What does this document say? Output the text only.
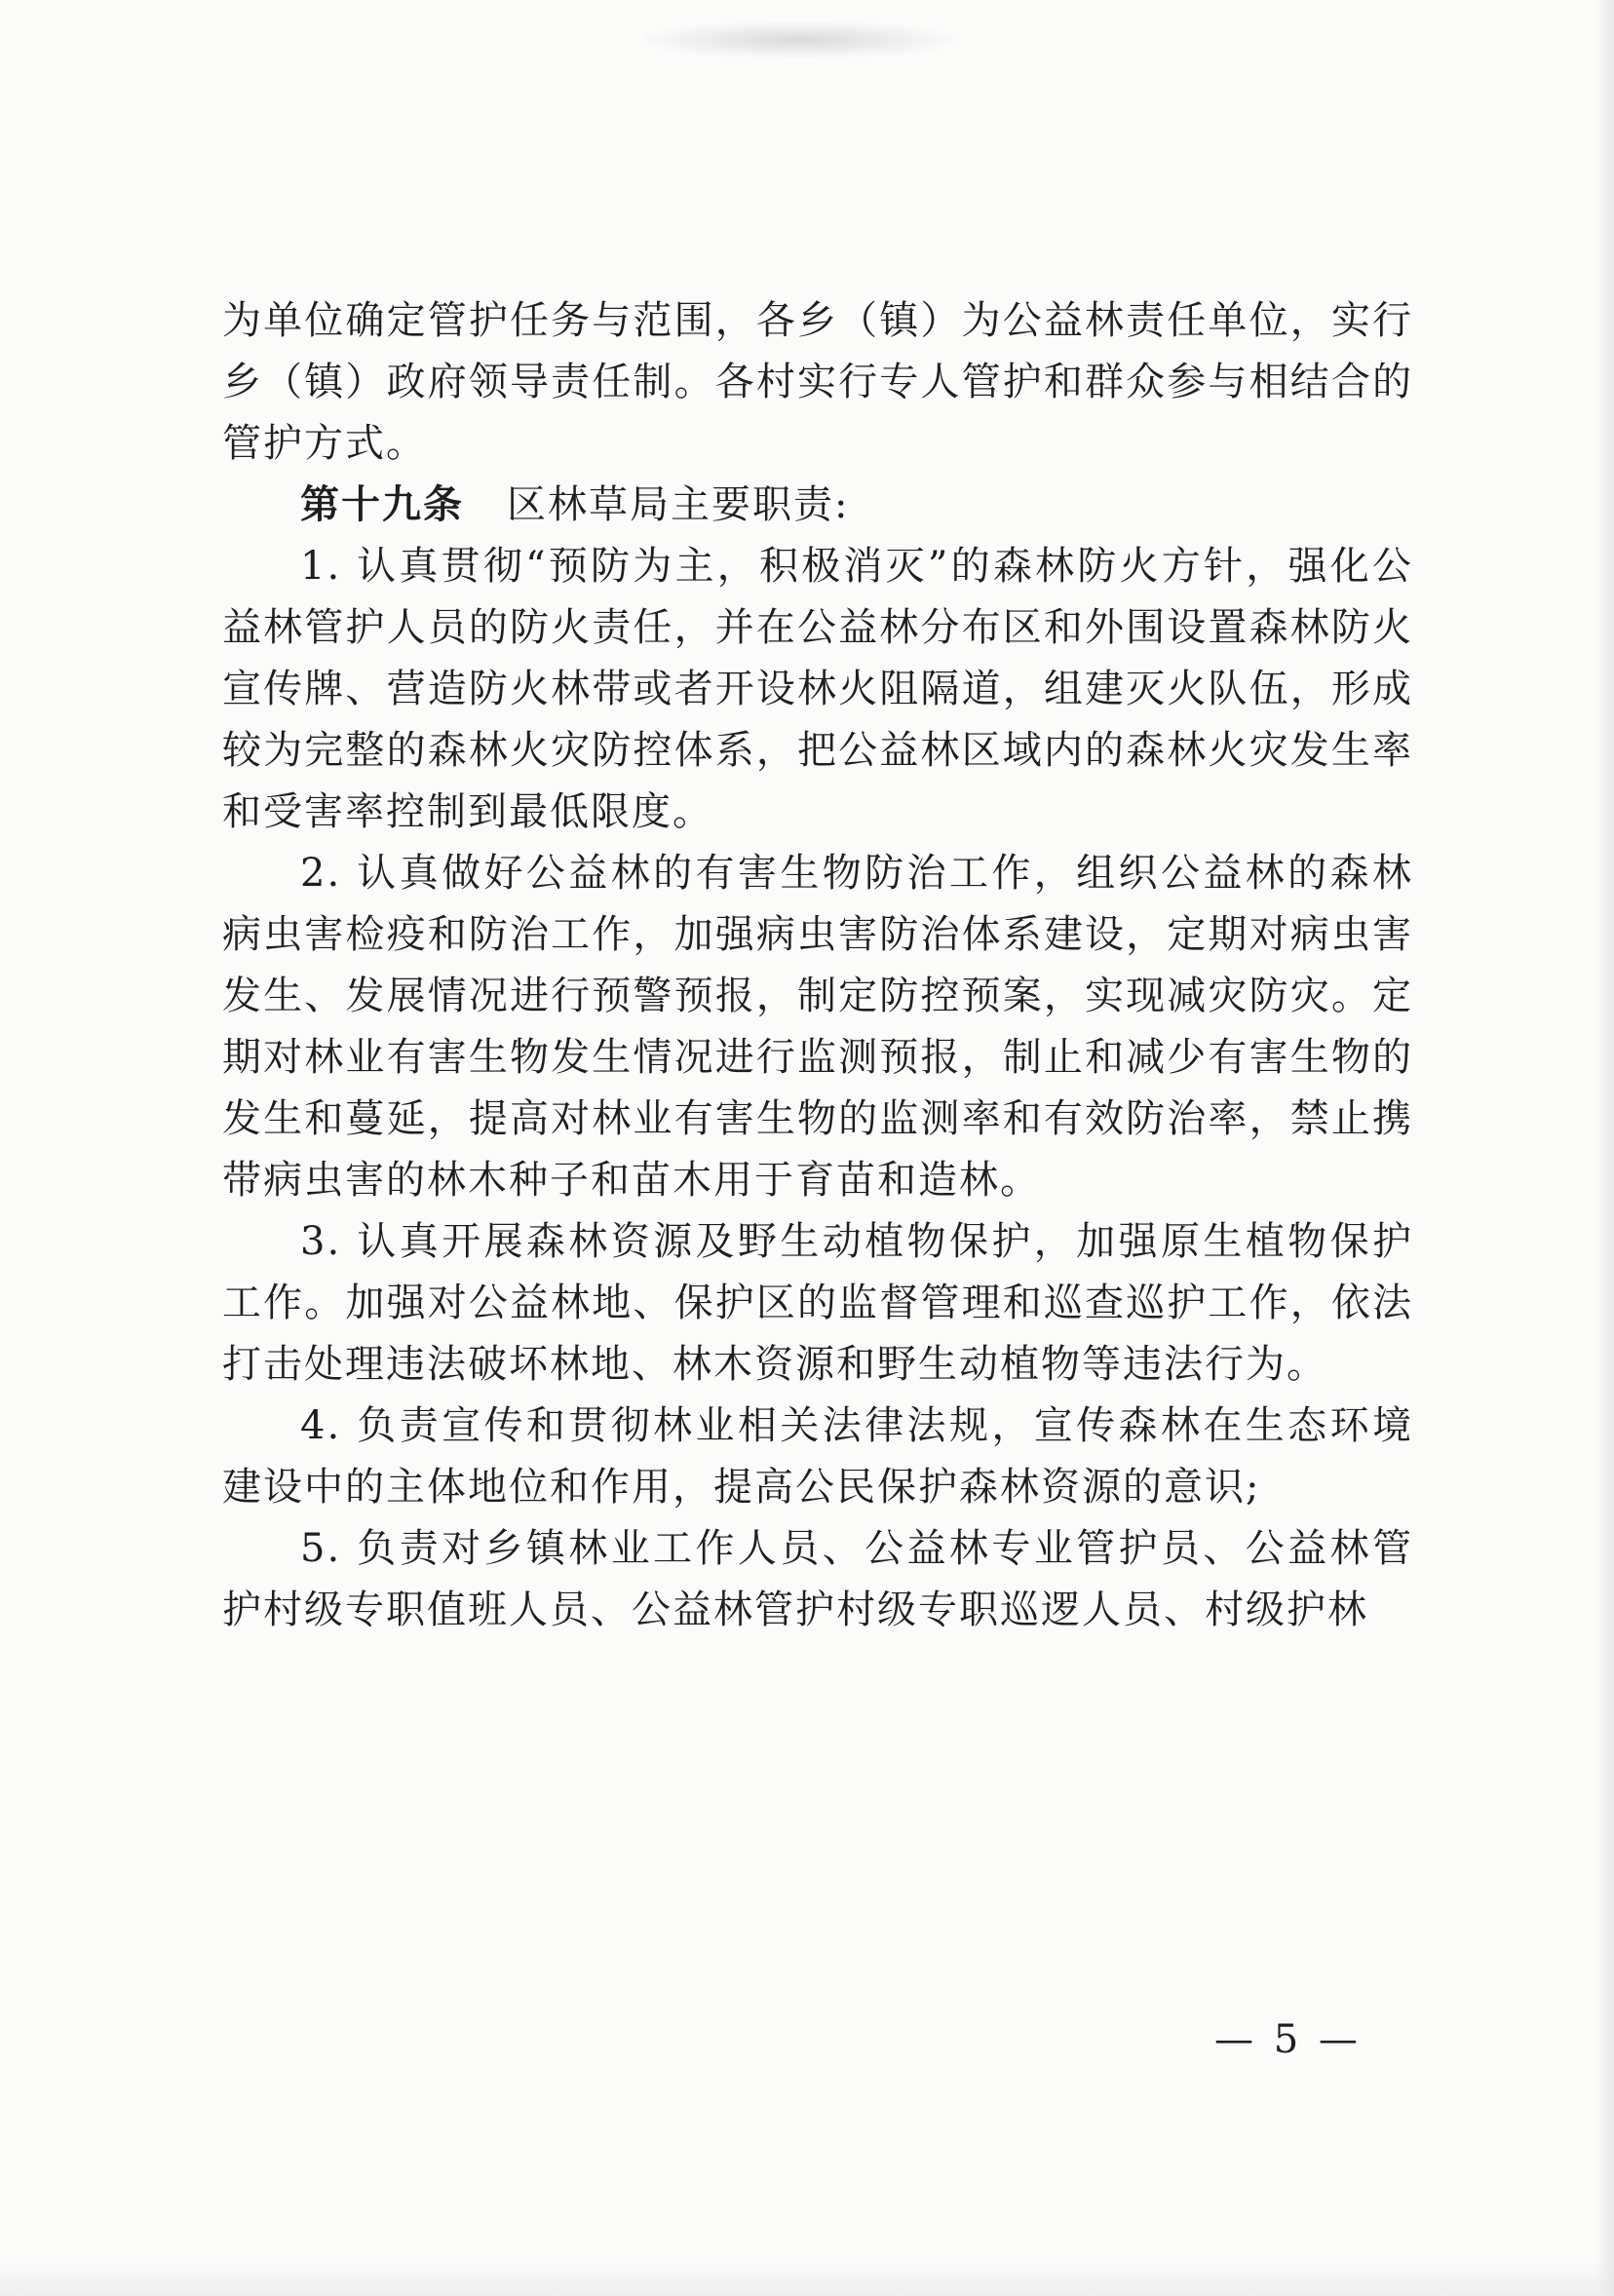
为单位确定管护任务与范围，各乡（镇）为公益林责任单位，实行乡（镇）政府领导责任制。各村实行专人管护和群众参与相结合的管护方式。

第十九条 区林草局主要职责:

1. 认真贯彻“预防为主，积极消灭”的森林防火方针，强化公益林管护人员的防火责任，并在公益林分布区和外围设置森林防火宣传牌、营造防火林带或者开设林火阻隔道，组建灭火队伍，形成较为完整的森林火灾防控体系，把公益林区域内的森林火灾发生率和受害率控制到最低限度。

2. 认真做好公益林的有害生物防治工作，组织公益林的森林病虫害检疫和防治工作，加强病虫害防治体系建设，定期对病虫害发生、发展情况进行预警预报，制定防控预案，实现减灾防灾。定期对林业有害生物发生情况进行监测预报，制止和减少有害生物的发生和蔓延，提高对林业有害生物的监测率和有效防治率，禁止携带病虫害的林木种子和苗木用于育苗和造林。

3. 认真开展森林资源及野生动植物保护，加强原生植物保护工作。加强对公益林地、保护区的监督管理和巡查巡护工作，依法打击处理违法破坏林地、林木资源和野生动植物等违法行为。

4. 负责宣传和贯彻林业相关法律法规，宣传森林在生态环境建设中的主体地位和作用，提高公民保护森林资源的意识;

5. 负责对乡镇林业工作人员、公益林专业管护员、公益林管护村级专职值班人员、公益林管护村级专职巡逻人员、村级护林

— 5 —
